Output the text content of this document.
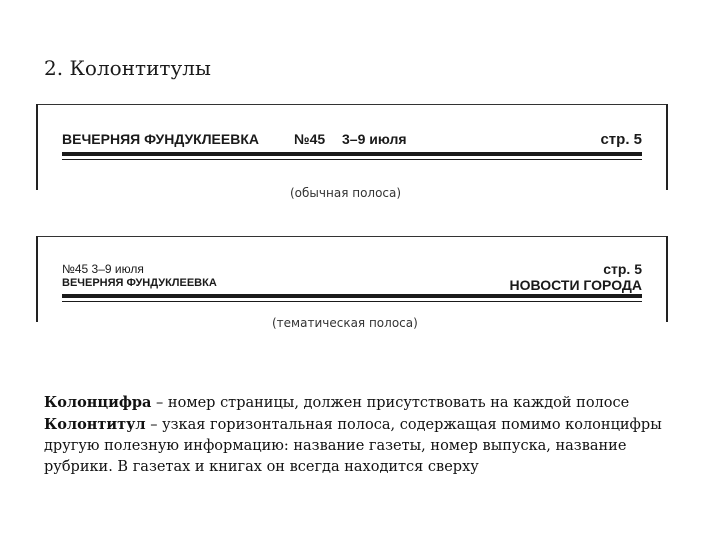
2. Колонтитулы
ВЕЧЕРНЯЯ ФУНДУКЛЕЕВКА	№45 3–9 июля	стр. 5
(обычная полоса)
№45 3–9 июля
ВЕЧЕРНЯЯ ФУНДУКЛЕЕВКА
стр. 5
НОВОСТИ ГОРОДА
(тематическая полоса)

Колонцифра – номер страницы, должен присутствовать на каждой полосе

Колонтитул – узкая горизонтальная полоса, содержащая помимо колонцифры другую полезную информацию: название газеты, номер выпуска, название рубрики. В газетах и книгах он всегда находится сверху
